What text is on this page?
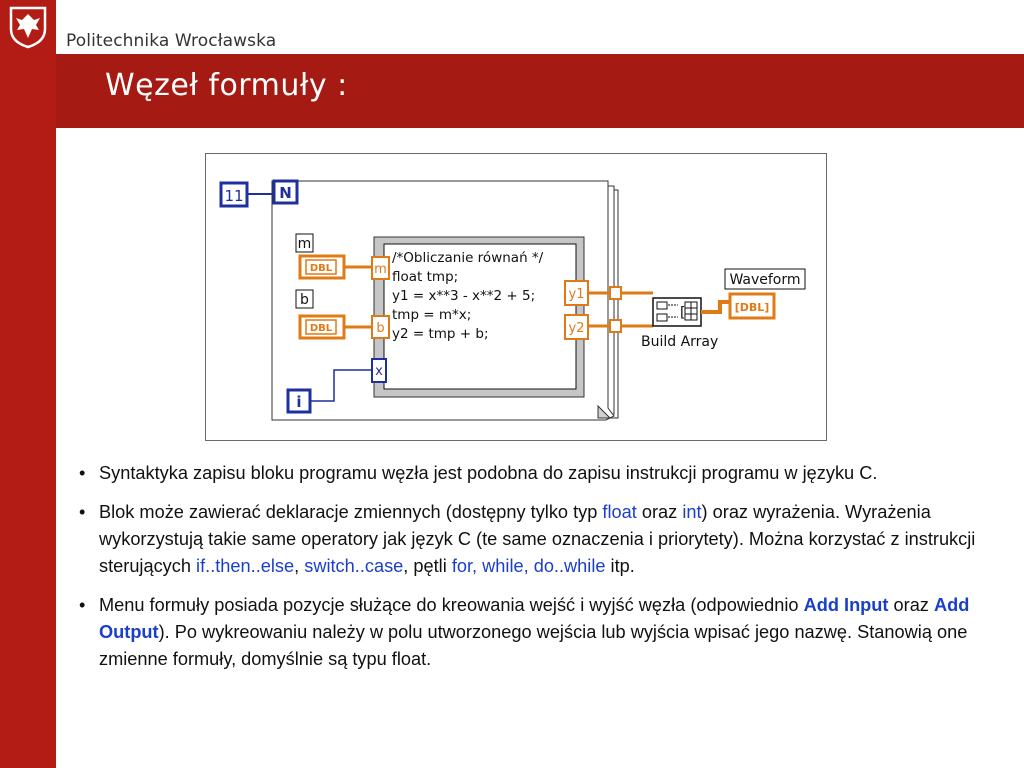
Politechnika Wrocławska
Węzeł formuły :
11 N
m
DBL
b
DBL
/*Obliczanie równań */
float tmp;
y1 = x**3 - x**2 + 5;
tmp = m*x;
y2 = tmp + b;
m
b
x
i
y1
y2
[
Build Array
Waveform
[DBL]
• Syntaktyka zapisu bloku programu węzła jest podobna do zapisu instrukcji programu w języku C.
• Blok może zawierać deklaracje zmiennych (dostępny tylko typ float oraz int) oraz wyrażenia. Wyrażenia wykorzystują takie same operatory jak język C (te same oznaczenia i priorytety). Można korzystać z instrukcji sterujących if..then..else, switch..case, pętli for, while, do..while itp.
• Menu formuły posiada pozycje służące do kreowania wejść i wyjść węzła (odpowiednio Add Input oraz Add Output). Po wykreowaniu należy w polu utworzonego wejścia lub wyjścia wpisać jego nazwę. Stanowią one zmienne formuły, domyślnie są typu float.
